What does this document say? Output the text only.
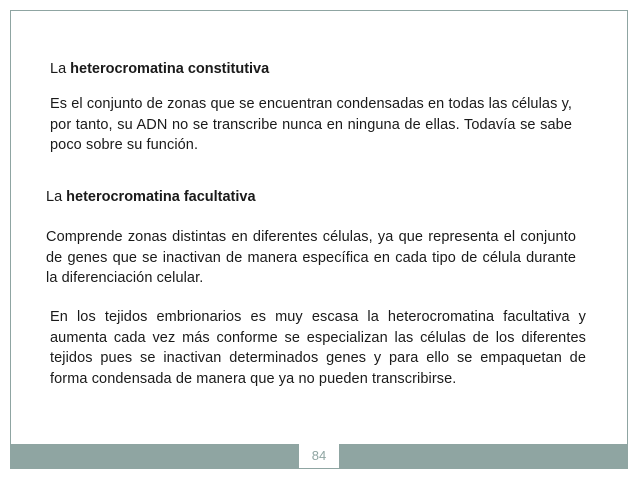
La heterocromatina constitutiva
Es el conjunto de zonas que se encuentran condensadas en todas las células y, por tanto, su ADN no se transcribe nunca en ninguna de ellas. Todavía se sabe poco sobre su función.
La heterocromatina facultativa
Comprende zonas distintas en diferentes células, ya que representa el conjunto de genes que se inactivan de manera específica en cada tipo de célula durante la diferenciación celular.
En los tejidos embrionarios es muy escasa la heterocromatina facultativa y aumenta cada vez más conforme se especializan las células de los diferentes tejidos pues se inactivan determinados genes y para ello se empaquetan de forma condensada de manera que ya no pueden transcribirse.
84
